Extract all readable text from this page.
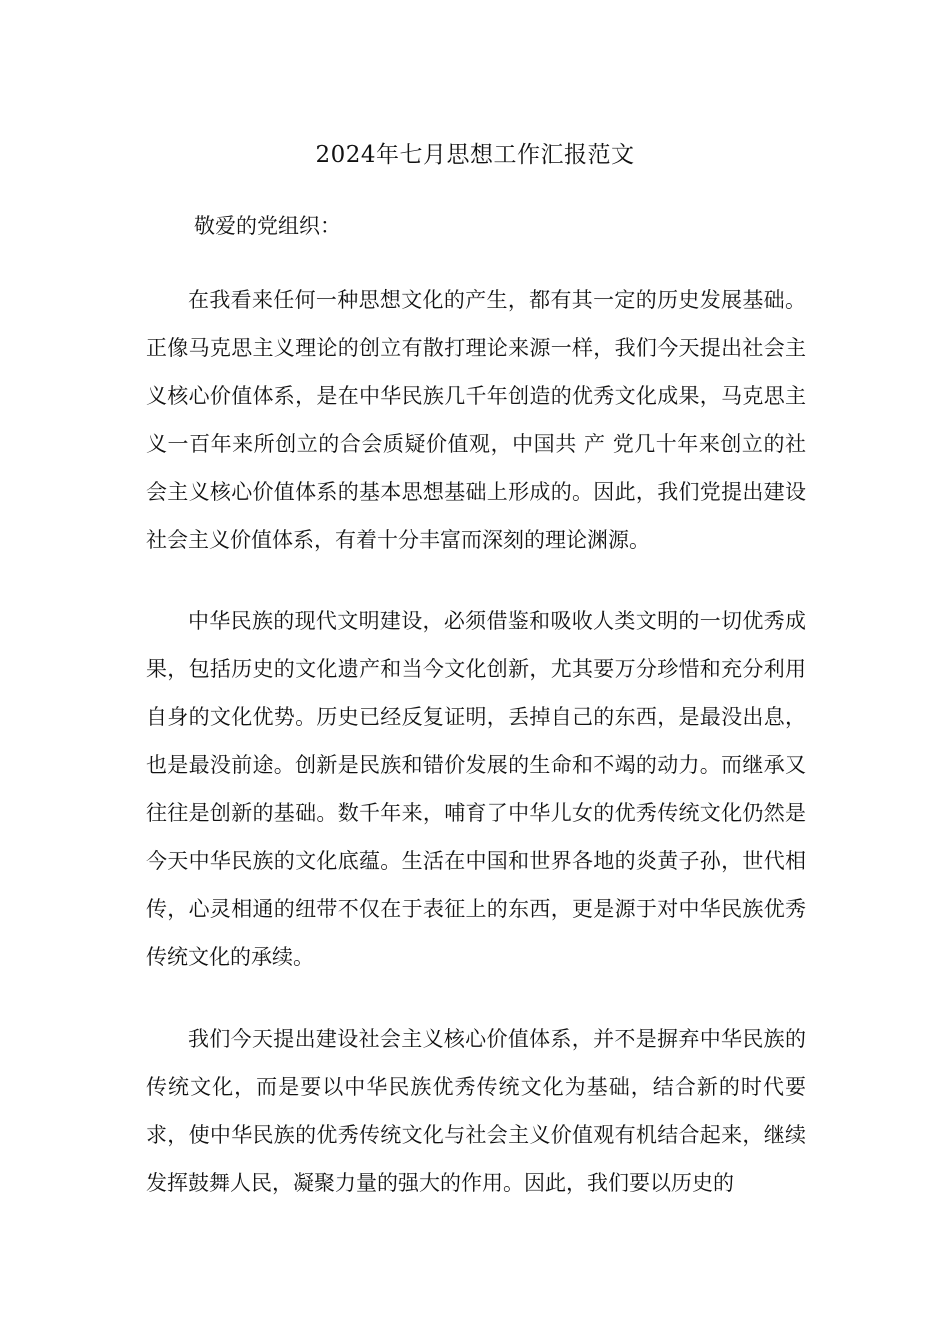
2024年七月思想工作汇报范文

敬爱的党组织：

在我看来任何一种思想文化的产生，都有其一定的历史发展基础。正像马克思主义理论的创立有散打理论来源一样，我们今天提出社会主义核心价值体系，是在中华民族几千年创造的优秀文化成果，马克思主义一百年来所创立的合会质疑价值观，中国共 产 党几十年来创立的社会主义核心价值体系的基本思想基础上形成的。因此，我们党提出建设社会主义价值体系，有着十分丰富而深刻的理论渊源。

中华民族的现代文明建设，必须借鉴和吸收人类文明的一切优秀成果，包括历史的文化遗产和当今文化创新，尤其要万分珍惜和充分利用自身的文化优势。历史已经反复证明，丢掉自己的东西，是最没出息，也是最没前途。创新是民族和错价发展的生命和不竭的动力。而继承又往往是创新的基础。数千年来，哺育了中华儿女的优秀传统文化仍然是今天中华民族的文化底蕴。生活在中国和世界各地的炎黄子孙，世代相传，心灵相通的纽带不仅在于表征上的东西，更是源于对中华民族优秀传统文化的承续。

我们今天提出建设社会主义核心价值体系，并不是摒弃中华民族的传统文化，而是要以中华民族优秀传统文化为基础，结合新的时代要求，使中华民族的优秀传统文化与社会主义价值观有机结合起来，继续发挥鼓舞人民，凝聚力量的强大的作用。因此，我们要以历史的
